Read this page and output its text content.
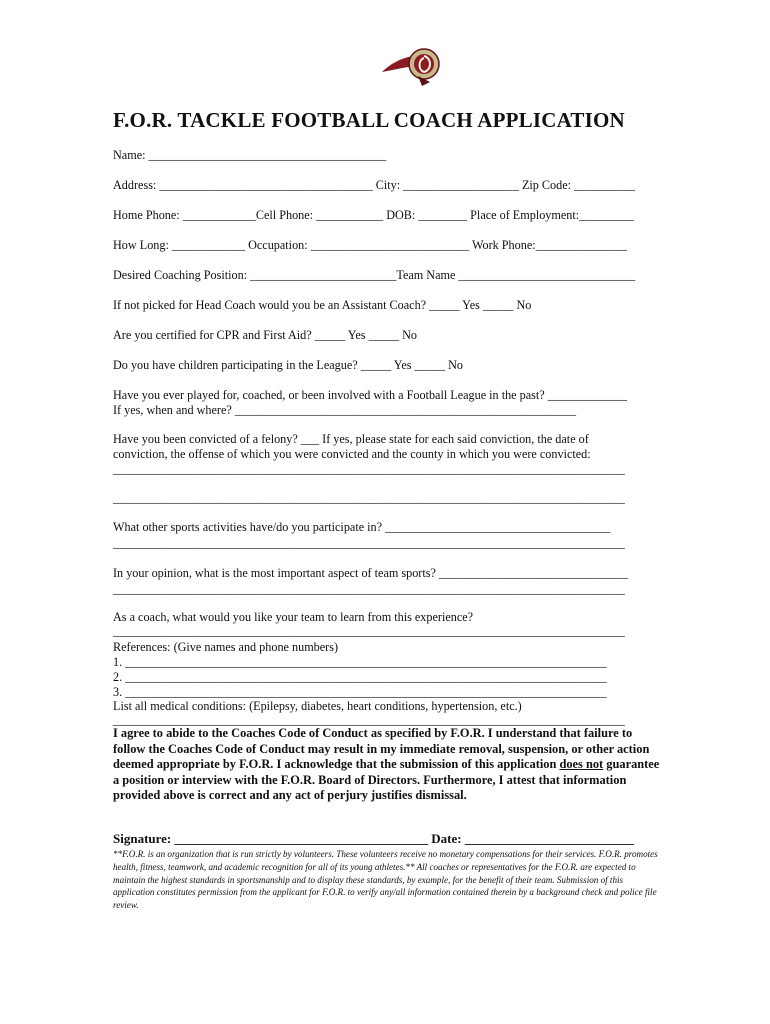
F.O.R. TACKLE FOOTBALL COACH APPLICATION
Name: _______________________________________
Address: ___________________________________ City: ___________________ Zip Code: __________
Home Phone: ____________Cell Phone: ___________ DOB: ________ Place of Employment:_________
How Long: ____________ Occupation: __________________________ Work Phone:_______________
Desired Coaching Position: ________________________Team Name _____________________________
If not picked for Head Coach would you be an Assistant Coach? _____ Yes _____ No
Are you certified for CPR and First Aid? _____ Yes _____ No
Do you have children participating in the League? _____ Yes _____ No
Have you ever played for, coached, or been involved with a Football League in the past? _____________
If yes, when and where? ________________________________________________________
Have you been convicted of a felony? ___ If yes, please state for each said conviction, the date of
conviction, the offense of which you were convicted and the county in which you were convicted:
____________________________________________________________________________________
____________________________________________________________________________________
What other sports activities have/do you participate in? _____________________________________
____________________________________________________________________________________
In your opinion, what is the most important aspect of team sports? _______________________________
____________________________________________________________________________________
As a coach, what would you like your team to learn from this experience?
____________________________________________________________________________________
References: (Give names and phone numbers)
1. _______________________________________________________________________________
2. _______________________________________________________________________________
3. _______________________________________________________________________________
List all medical conditions: (Epilepsy, diabetes, heart conditions, hypertension, etc.)
____________________________________________________________________________________
I agree to abide to the Coaches Code of Conduct as specified by F.O.R. I understand that failure to follow the Coaches Code of Conduct may result in my immediate removal, suspension, or other action deemed appropriate by F.O.R. I acknowledge that the submission of this application does not guarantee a position or interview with the F.O.R. Board of Directors. Furthermore, I attest that information provided above is correct and any act of perjury justifies dismissal.
Signature: _______________________________________ Date: __________________________
**F.O.R. is an organization that is run strictly by volunteers. These volunteers receive no monetary compensations for their services. F.O.R. promotes health, fitness, teamwork, and academic recognition for all of its young athletes.** All coaches or representatives for the F.O.R. are expected to maintain the highest standards in sportsmanship and to display these standards, by example, for the benefit of their team. Submission of this application constitutes permission from the applicant for F.O.R. to verify any/all information contained therein by a background check and police file review.
